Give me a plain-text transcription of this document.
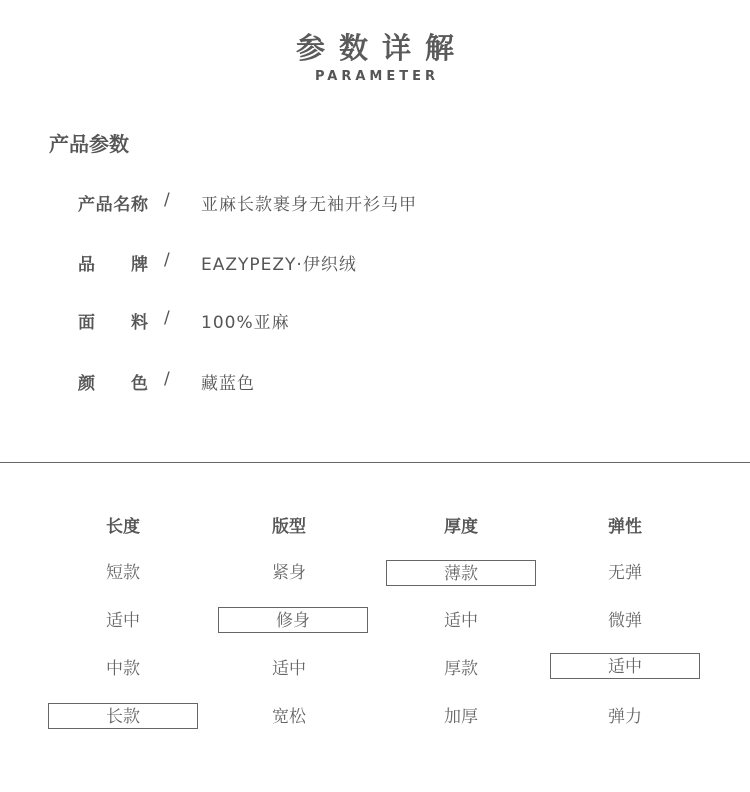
参数详解
PARAMETER
产品参数
产品名称 / 亚麻长款裹身无袖开衫马甲
品牌 / EAZYPEZY·伊织绒
面料 / 100%亚麻
颜色 / 藏蓝色
长度
短款
适中
中款
长款
版型
紧身
修身
适中
宽松
厚度
薄款
适中
厚款
加厚
弹性
无弹
微弹
适中
弹力
